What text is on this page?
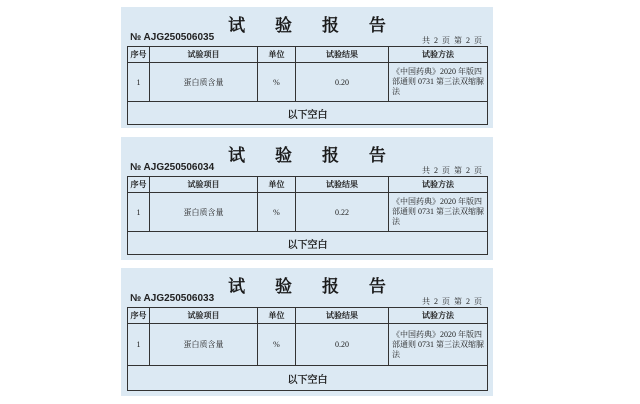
试 验 报 告
№ AJG250506035	共 2 页 第 2 页
序号	试验项目	单位	试验结果	试验方法
1	蛋白质含量	%	0.20	《中国药典》2020 年版四部通则 0731 第三法双缩脲法
以下空白				
试 验 报 告
№ AJG250506034	共 2 页 第 2 页
序号	试验项目	单位	试验结果	试验方法
1	蛋白质含量	%	0.22	《中国药典》2020 年版四部通则 0731 第三法双缩脲法
以下空白				
试 验 报 告
№ AJG250506033	共 2 页 第 2 页
序号	试验项目	单位	试验结果	试验方法
1	蛋白质含量	%	0.20	《中国药典》2020 年版四部通则 0731 第三法双缩脲法
以下空白				
